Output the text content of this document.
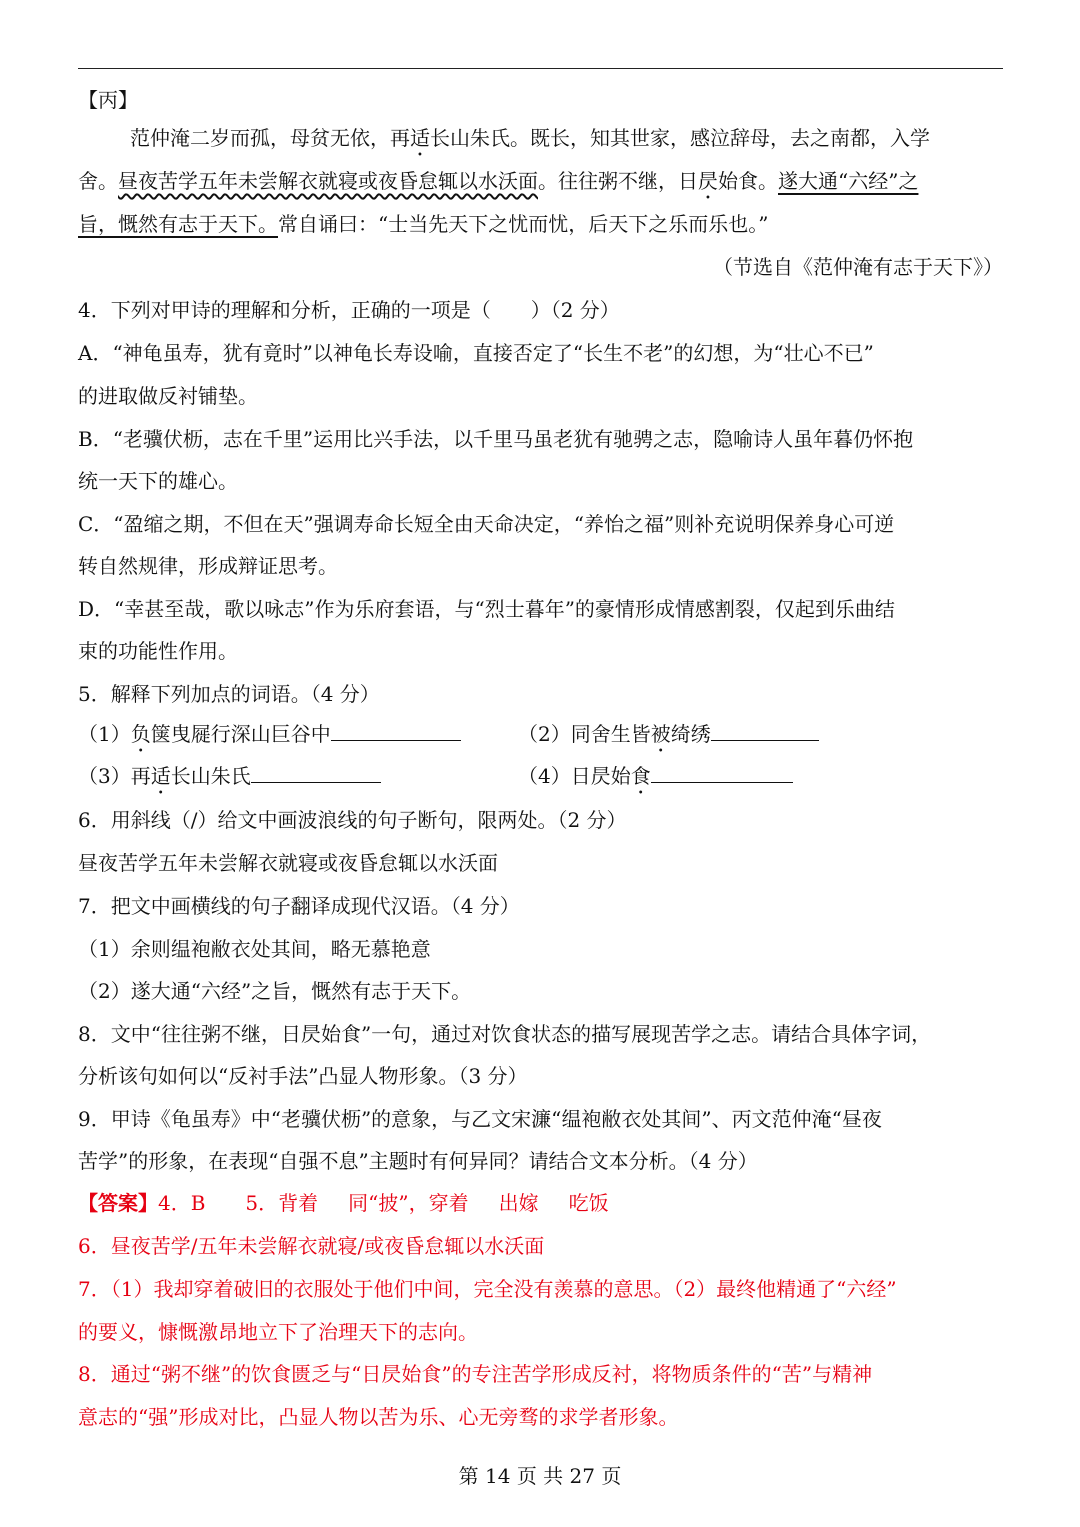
【丙】
范仲淹二岁而孤，母贫无依，再适长山朱氏。既长，知其世家，感泣辞母，去之南都，入学
舍。昼夜苦学五年未尝解衣就寝或夜昏怠辄以水沃面。往往粥不继，日昃始食。遂大通“六经”之
旨，慨然有志于天下。常自诵曰：“士当先天下之忧而忧，后天下之乐而乐也。”
（节选自《范仲淹有志于天下》）
4．下列对甲诗的理解和分析，正确的一项是（　　）（2 分）
A．“神龟虽寿，犹有竟时”以神龟长寿设喻，直接否定了“长生不老”的幻想，为“壮心不已”
的进取做反衬铺垫。
B．“老骥伏枥，志在千里”运用比兴手法，以千里马虽老犹有驰骋之志，隐喻诗人虽年暮仍怀抱
统一天下的雄心。
C．“盈缩之期，不但在天”强调寿命长短全由天命决定，“养怡之福”则补充说明保养身心可逆
转自然规律，形成辩证思考。
D．“幸甚至哉，歌以咏志”作为乐府套语，与“烈士暮年”的豪情形成情感割裂，仅起到乐曲结
束的功能性作用。
5．解释下列加点的词语。（4 分）
（1）负箧曳屣行深山巨谷中	（2）同舍生皆被绮绣
（3）再适长山朱氏	（4）日昃始食
6．用斜线（/）给文中画波浪线的句子断句，限两处。（2 分）
昼夜苦学五年未尝解衣就寝或夜昏怠辄以水沃面
7．把文中画横线的句子翻译成现代汉语。（4 分）
（1）余则缊袍敝衣处其间，略无慕艳意
（2）遂大通“六经”之旨，慨然有志于天下。
8．文中“往往粥不继，日昃始食”一句，通过对饮食状态的描写展现苦学之志。请结合具体字词，
分析该句如何以“反衬手法”凸显人物形象。（3 分）
9．甲诗《龟虽寿》中“老骥伏枥”的意象，与乙文宋濂“缊袍敝衣处其间”、丙文范仲淹“昼夜
苦学”的形象，在表现“自强不息”主题时有何异同？请结合文本分析。（4 分）
【答案】4．B 5．背着 同“披”，穿着 出嫁 吃饭
6．昼夜苦学/五年未尝解衣就寝/或夜昏怠辄以水沃面
7．（1）我却穿着破旧的衣服处于他们中间，完全没有羡慕的意思。（2）最终他精通了“六经”
的要义，慷慨激昂地立下了治理天下的志向。
8．通过“粥不继”的饮食匮乏与“日昃始食”的专注苦学形成反衬，将物质条件的“苦”与精神
意志的“强”形成对比，凸显人物以苦为乐、心无旁骛的求学者形象。
第 14 页 共 27 页
